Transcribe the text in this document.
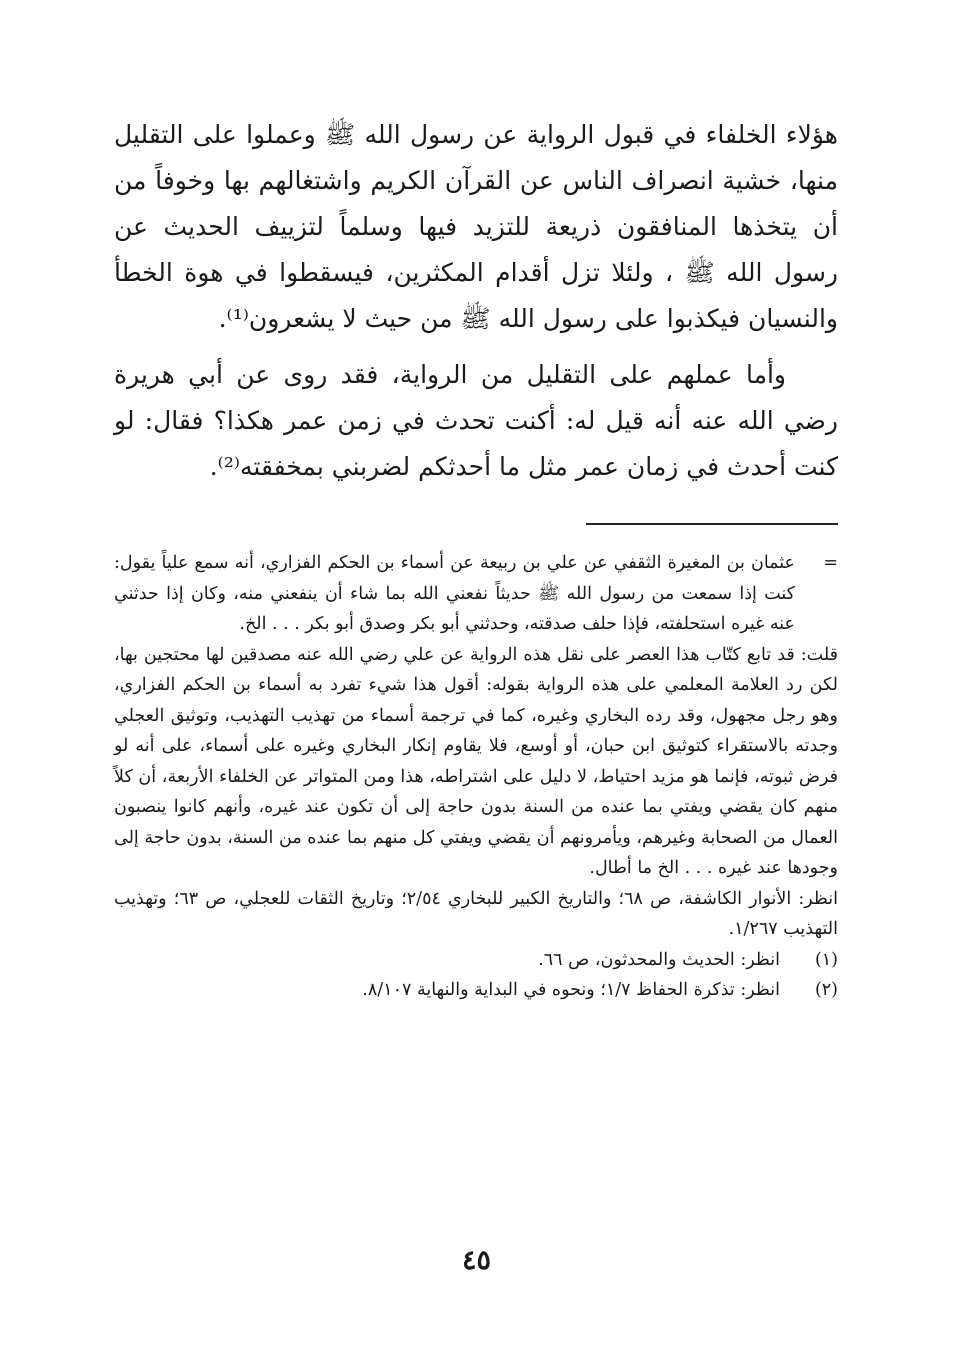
هؤلاء الخلفاء في قبول الرواية عن رسول الله ﷺ وعملوا على التقليل منها، خشية انصراف الناس عن القرآن الكريم واشتغالهم بها وخوفاً من أن يتخذها المنافقون ذريعة للتزيد فيها وسلماً لتزييف الحديث عن رسول الله ﷺ ، ولئلا تزل أقدام المكثرين، فيسقطوا في هوة الخطأ والنسيان فيكذبوا على رسول الله ﷺ من حيث لا يشعرون⁽¹⁾.

وأما عملهم على التقليل من الرواية، فقد روى عن أبي هريرة رضي الله عنه أنه قيل له: أكنت تحدث في زمن عمر هكذا؟ فقال: لو كنت أحدث في زمان عمر مثل ما أحدثكم لضربني بمخفقته⁽²⁾.

=
عثمان بن المغيرة الثقفي عن علي بن ربيعة عن أسماء بن الحكم الفزاري، أنه سمع علياً يقول: كنت إذا سمعت من رسول الله ﷺ حديثاً نفعني الله بما شاء أن ينفعني منه، وكان إذا حدثني عنه غيره استحلفته، فإذا حلف صدقته، وحدثني أبو بكر وصدق أبو بكر . . . الخ.

قلت: قد تابع كتّاب هذا العصر على نقل هذه الرواية عن علي رضي الله عنه مصدقين لها محتجين بها، لكن رد العلامة المعلمي على هذه الرواية بقوله: أقول هذا شيء تفرد به أسماء بن الحكم الفزاري، وهو رجل مجهول، وقد رده البخاري وغيره، كما في ترجمة أسماء من تهذيب التهذيب، وتوثيق العجلي وجدته بالاستقراء كتوثيق ابن حبان، أو أوسع، فلا يقاوم إنكار البخاري وغيره على أسماء، على أنه لو فرض ثبوته، فإنما هو مزيد احتياط، لا دليل على اشتراطه، هذا ومن المتواتر عن الخلفاء الأربعة، أن كلاً منهم كان يقضي ويفتي بما عنده من السنة بدون حاجة إلى أن تكون عند غيره، وأنهم كانوا ينصبون العمال من الصحابة وغيرهم، ويأمرونهم أن يقضي ويفتي كل منهم بما عنده من السنة، بدون حاجة إلى وجودها عند غيره . . . الخ ما أطال.

انظر: الأنوار الكاشفة، ص ٦٨؛ والتاريخ الكبير للبخاري ٢/٥٤؛ وتاريخ الثقات للعجلي، ص ٦٣؛ وتهذيب التهذيب ١/٢٦٧.

(١)
انظر: الحديث والمحدثون، ص ٦٦.

(٢)
انظر: تذكرة الحفاظ ١/٧؛ ونحوه في البداية والنهاية ٨/١٠٧.

٤٥
